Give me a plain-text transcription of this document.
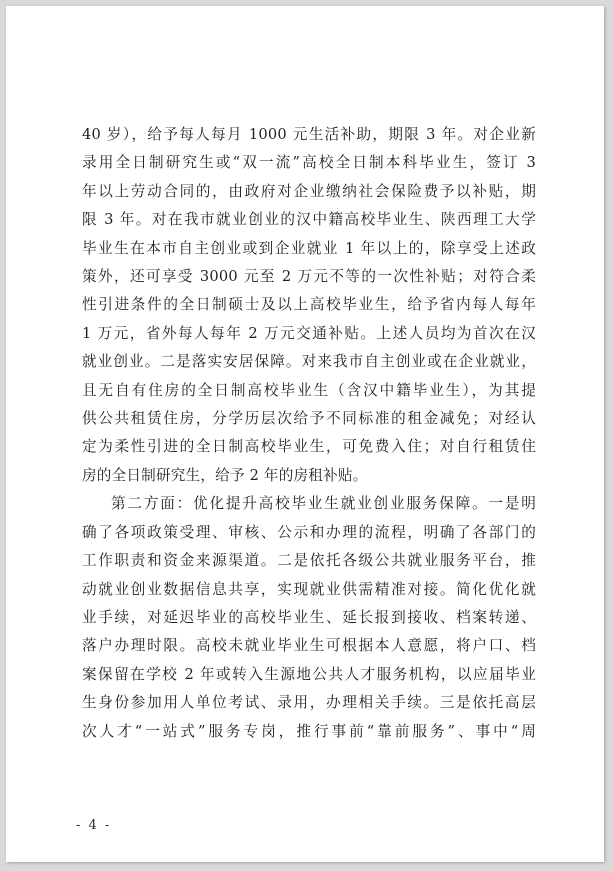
40 岁），给予每人每月 1000 元生活补助，期限 3 年。对企业新
录用全日制研究生或“双一流”高校全日制本科毕业生，签订 3
年以上劳动合同的，由政府对企业缴纳社会保险费予以补贴，期
限 3 年。对在我市就业创业的汉中籍高校毕业生、陕西理工大学
毕业生在本市自主创业或到企业就业 1 年以上的，除享受上述政
策外，还可享受 3000 元至 2 万元不等的一次性补贴；对符合柔
性引进条件的全日制硕士及以上高校毕业生，给予省内每人每年
1 万元，省外每人每年 2 万元交通补贴。上述人员均为首次在汉
就业创业。二是落实安居保障。对来我市自主创业或在企业就业，
且无自有住房的全日制高校毕业生（含汉中籍毕业生），为其提
供公共租赁住房，分学历层次给予不同标准的租金减免；对经认
定为柔性引进的全日制高校毕业生，可免费入住；对自行租赁住
房的全日制研究生，给予 2 年的房租补贴。
第二方面：优化提升高校毕业生就业创业服务保障。一是明
确了各项政策受理、审核、公示和办理的流程，明确了各部门的
工作职责和资金来源渠道。二是依托各级公共就业服务平台，推
动就业创业数据信息共享，实现就业供需精准对接。简化优化就
业手续，对延迟毕业的高校毕业生、延长报到接收、档案转递、
落户办理时限。高校未就业毕业生可根据本人意愿，将户口、档
案保留在学校 2 年或转入生源地公共人才服务机构，以应届毕业
生身份参加用人单位考试、录用，办理相关手续。三是依托高层
次人才“一站式”服务专岗，推行事前“靠前服务”、事中“周
- 4 -
